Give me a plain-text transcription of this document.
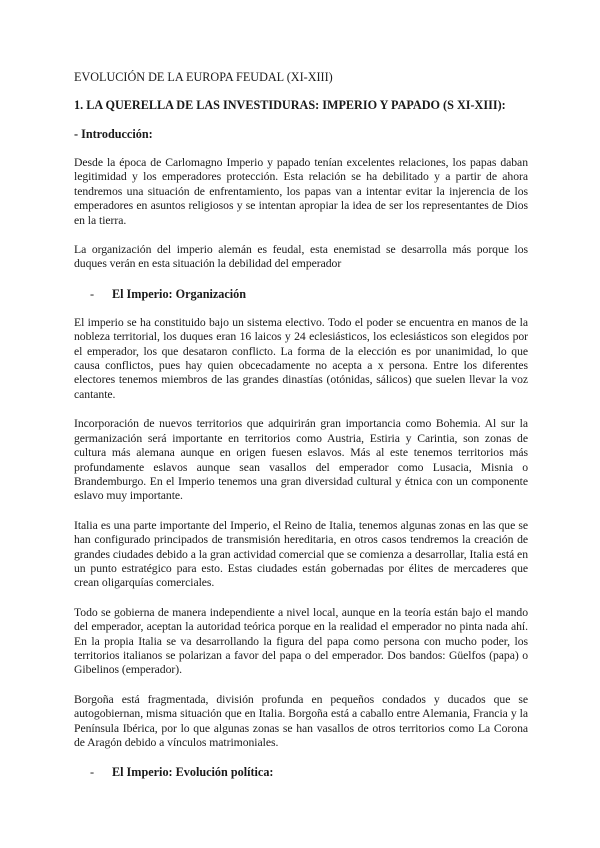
EVOLUCIÓN DE LA EUROPA FEUDAL (XI-XIII)

1. LA QUERELLA DE LAS INVESTIDURAS: IMPERIO Y PAPADO (S XI-XIII):

- Introducción:

Desde la época de Carlomagno Imperio y papado tenían excelentes relaciones, los papas daban legitimidad y los emperadores protección. Esta relación se ha debilitado y a partir de ahora tendremos una situación de enfrentamiento, los papas van a intentar evitar la injerencia de los emperadores en asuntos religiosos y se intentan apropiar la idea de ser los representantes de Dios en la tierra.

La organización del imperio alemán es feudal, esta enemistad se desarrolla más porque los duques verán en esta situación la debilidad del emperador

- El Imperio: Organización

El imperio se ha constituido bajo un sistema electivo. Todo el poder se encuentra en manos de la nobleza territorial, los duques eran 16 laicos y 24 eclesiásticos, los eclesiásticos son elegidos por el emperador, los que desataron conflicto. La forma de la elección es por unanimidad, lo que causa conflictos, pues hay quien obcecadamente no acepta a x persona. Entre los diferentes electores tenemos miembros de las grandes dinastías (otónidas, sálicos) que suelen llevar la voz cantante.

Incorporación de nuevos territorios que adquirirán gran importancia como Bohemia. Al sur la germanización será importante en territorios como Austria, Estiria y Carintia, son zonas de cultura más alemana aunque en origen fuesen eslavos. Más al este tenemos territorios más profundamente eslavos aunque sean vasallos del emperador como Lusacia, Misnia o Brandemburgo. En el Imperio tenemos una gran diversidad cultural y étnica con un componente eslavo muy importante.

Italia es una parte importante del Imperio, el Reino de Italia, tenemos algunas zonas en las que se han configurado principados de transmisión hereditaria, en otros casos tendremos la creación de grandes ciudades debido a la gran actividad comercial que se comienza a desarrollar, Italia está en un punto estratégico para esto. Estas ciudades están gobernadas por élites de mercaderes que crean oligarquías comerciales.

Todo se gobierna de manera independiente a nivel local, aunque en la teoría están bajo el mando del emperador, aceptan la autoridad teórica porque en la realidad el emperador no pinta nada ahí. En la propia Italia se va desarrollando la figura del papa como persona con mucho poder, los territorios italianos se polarizan a favor del papa o del emperador. Dos bandos: Güelfos (papa) o Gibelinos (emperador).

Borgoña está fragmentada, división profunda en pequeños condados y ducados que se autogobiernan, misma situación que en Italia. Borgoña está a caballo entre Alemania, Francia y la Península Ibérica, por lo que algunas zonas se han vasallos de otros territorios como La Corona de Aragón debido a vínculos matrimoniales.

- El Imperio: Evolución política:
